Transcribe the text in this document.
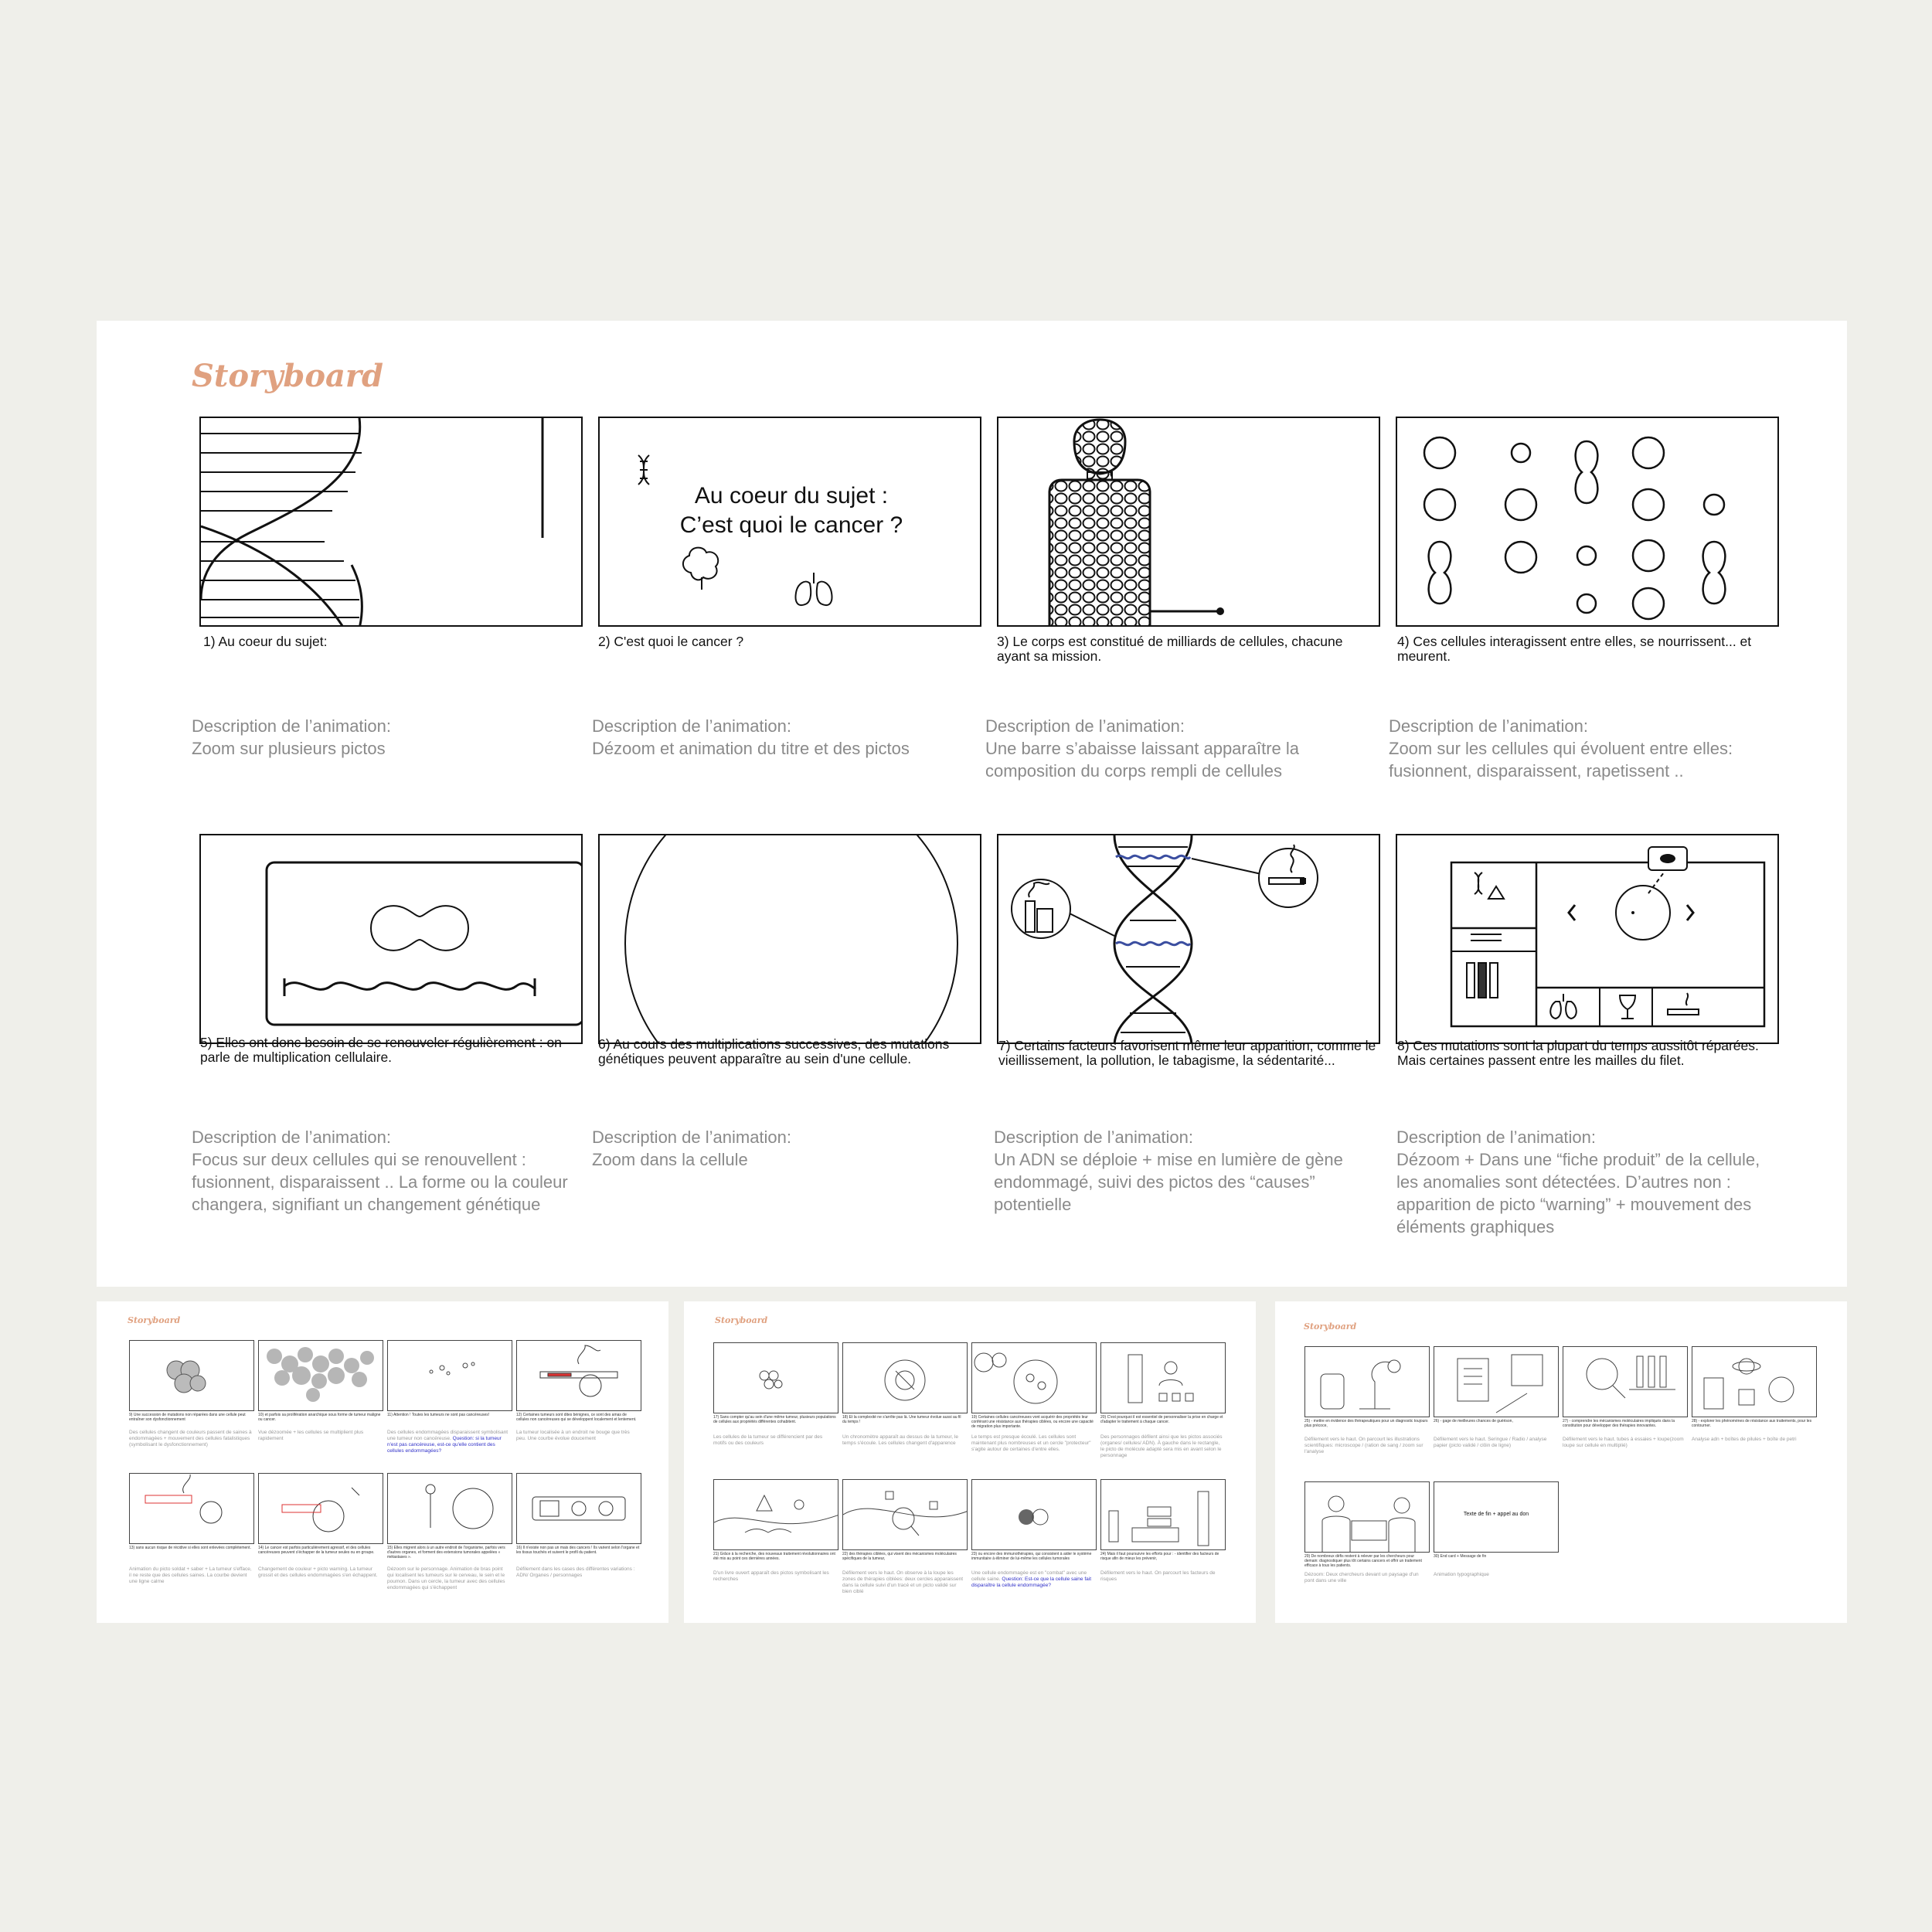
Storyboard
1) Au coeur du sujet:
Description de l’animation:
Zoom sur plusieurs pictos
Au coeur du sujet :
C’est quoi le cancer ?
2) C'est quoi le cancer ?
Description de l’animation:
Dézoom et animation du titre et des pictos
3) Le corps est constitué de milliards de cellules, chacune ayant sa mission.
Description de l’animation:
Une barre s’abaisse laissant apparaître la composition du corps rempli de cellules
4) Ces cellules interagissent entre elles, se nourrissent... et meurent.
Description de l’animation:
Zoom sur les cellules qui évoluent entre elles: fusionnent, disparaissent, rapetissent ..
5) Elles ont donc besoin de se renouveler régulièrement : on parle de multiplication cellulaire.
Description de l’animation:
Focus sur deux cellules qui se renouvellent : fusionnent, disparaissent .. La forme ou la couleur changera, signifiant un changement génétique
6) Au cours des multiplications successives, des mutations génétiques peuvent apparaître au sein d'une cellule.
Description de l’animation:
Zoom dans la cellule
7) Certains facteurs favorisent même leur apparition, comme le vieillissement, la pollution, le tabagisme, la sédentarité...
Description de l’animation:
Un ADN se déploie + mise en lumière de gène endommagé, suivi des pictos des “causes” potentielle
8) Ces mutations sont la plupart du temps aussitôt réparées. Mais certaines passent entre les mailles du filet.
Description de l’animation:
Dézoom + Dans une “fiche produit” de la cellule, les anomalies sont détectées. D’autres non : apparition de picto “warning” + mouvement des éléments graphiques
Storyboard
9) Une succession de mutations non réparées dans une cellule peut entraîner son dysfonctionnement
10) et parfois sa prolifération anarchique sous forme de tumeur maligne ou cancer.
11) Attention ! Toutes les tumeurs ne sont pas cancéreuses!	12) Certaines tumeurs sont dites bénignes, ce sont des amas de cellules non cancéreuses qui se développent localement et lentement.
Des cellules changent de couleurs passent de saines à endommagées + mouvement des cellules fatalistiques (symbolisant le dysfonctionnement)
Vue dézoomée + les cellules se multiplient plus rapidement
Des cellules endommagées disparaissent symbolisant une tumeur non cancéreuse. Question: si la tumeur n'est pas cancéreuse, est-ce qu'elle contient des cellules endommagées?
La tumeur localisée à un endroit ne bouge que très peu. Une courbe évolue doucement
13) sans aucun risque de récidive si elles sont enlevées complètement.	14) Le cancer est parfois particulièrement agressif, et des cellules cancéreuses peuvent s'échapper de la tumeur seules ou en groupe.
15) Elles migrent alors à un autre endroit de l'organisme, parfois vers d'autres organes, et forment des extensions tumorales appelées « métastases ».
16) Il n'existe non pas un mais des cancers ! Ils varient selon l'organe et les tissus touchés et suivent le profil du patient.
Animation du picto soldat + saber + La tumeur s'efface, il ne reste que des cellules saines. La courbe devient une ligne calme
Changement de couleur + picto warning. La tumeur grossit et des cellules endommagées s'en échappent.
Dézoom sur le personnage. Animation de bras point qui localisent les tumeurs sur le cerveau, le sein et le poumon. Dans un cercle, la tumeur avec des cellules endommagées qui s'échappent
Défilement dans les cases des différentes variations : ADN/ Organes / personnages
Storyboard
17) Sans compter qu'au sein d'une même tumeur, plusieurs populations de cellules aux propriétés différentes cohabitent.
18) Et la complexité ne s'arrête pas là. Une tumeur évolue aussi au fil du temps !
19) Certaines cellules cancéreuses vont acquérir des propriétés leur conférant une résistance aux thérapies ciblées, ou encore une capacité de migration plus importante.
20) C'est pourquoi il est essentiel de personnaliser la prise en charge et d'adapter le traitement à chaque cancer.
Les cellules de la tumeur se différencient par des motifs ou des couleurs
Un chronomètre apparaît au dessus de la tumeur, le temps s'écoule. Les cellules changent d'apparence
Le temps est presque écoulé. Les cellules sont maintenant plus nombreuses et un cercle "protecteur" s'agite autour de certaines d'entre elles.
Des personnages défilent ainsi que les pictos associés (organes/ cellules/ ADN). À gauche dans le rectangle, le picto de molécule adapté sera mis en avant selon le personnage
21) Grâce à la recherche, des nouveaux traitement révolutionnaires ont été mis au point ces dernières années.
22) des thérapies ciblées, qui visent des mécanismes moléculaires spécifiques de la tumeur,
23) ou encore des immunothérapies, qui consistent à aider le système immunitaire à éliminer de lui-même les cellules tumorales
24) Mais il faut poursuivre les efforts pour : - identifier des facteurs de risque afin de mieux les prévenir,
D'un livre ouvert apparaît des pictos symbolisant les recherches
Défilement vers le haut. On observe à la loupe les zones de thérapies ciblées: deux cercles apparaissent dans la cellule suivi d'un tracé et un picto validé sur bien ciblé
Une cellule endommagée est en "combat" avec une cellule saine. Question: Est-ce que la cellule saine fait disparaître la cellule endommagée?
Défilement vers le haut. On parcourt les facteurs de risques
Storyboard
25) - mettre en évidence des thérapeutiques pour un diagnostic toujours plus précoce,
26) - gage de meilleures chances de guérison,	27) - comprendre les mécanismes moléculaires impliqués dans la constitution pour développer des thérapies innovantes.
28) - explorer les phénomènes de résistance aux traitements, pour les contourner.
Défilement vers le haut. On parcourt les illustrations scientifiques: microscope / (ration de sang / zoom sur l'analyse
Défilement vers le haut. Seringue / Radio / analyse papier (picto validé / clôin de ligne)
Défilement vers le haut. tubes à essaies + loupe(zoom loupe sur cellule en multiplié)
Analyse adn + boîtes de pilules + boîte de petri
Texte de fin + appel au don
29) De nombreux défis restent à relever par les chercheurs pour demain: diagnostiquer plus tôt certains cancers et offrir un traitement efficace à tous les patients.
30) End card + Message de fin
Dézoom: Deux chercheurs devant un paysage d'un pont dans une ville
Animation typographique
